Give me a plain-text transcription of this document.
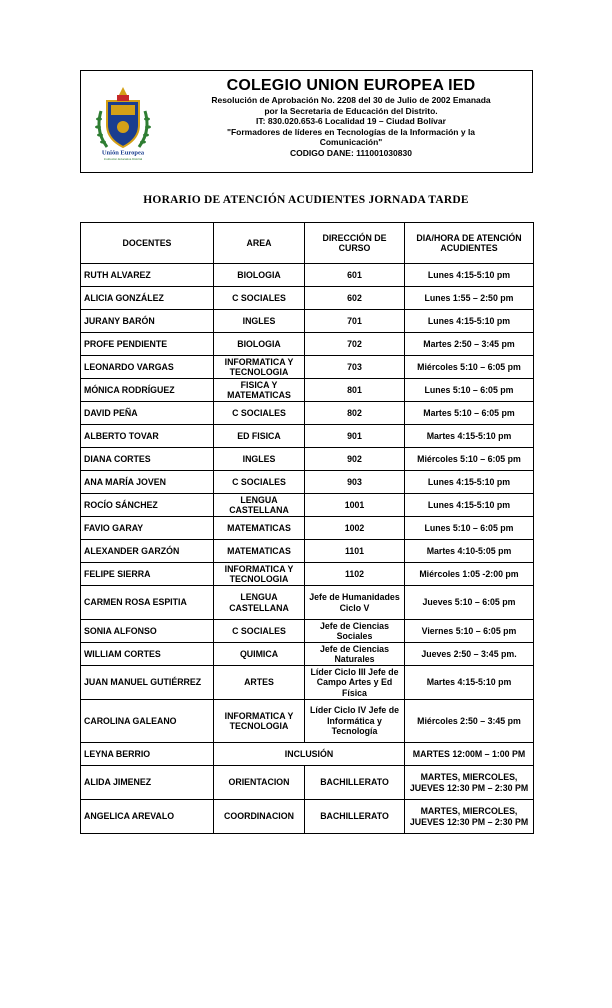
Unión Europea
Institución Educativa Distrital
COLEGIO UNION EUROPEA IED
Resolución de Aprobación No. 2208 del 30 de Julio de 2002 Emanada
por la Secretaria de Educación del Distrito.
IT: 830.020.653-6 Localidad 19 – Ciudad Bolívar
"Formadores de líderes en Tecnologías de la Información y la
Comunicación"
CODIGO DANE: 111001030830
HORARIO DE ATENCIÓN ACUDIENTES JORNADA TARDE
DOCENTES	AREA	DIRECCIÓN DE CURSO	DIA/HORA DE ATENCIÓN ACUDIENTES
RUTH ALVAREZ	BIOLOGIA	601	Lunes 4:15-5:10 pm
ALICIA GONZÁLEZ	C SOCIALES	602	Lunes 1:55 – 2:50 pm
JURANY BARÓN	INGLES	701	Lunes 4:15-5:10 pm
PROFE PENDIENTE	BIOLOGIA	702	Martes 2:50 – 3:45 pm
LEONARDO VARGAS	INFORMATICA Y TECNOLOGIA	703	Miércoles 5:10 – 6:05 pm
MÓNICA RODRÍGUEZ	FISICA Y MATEMATICAS	801	Lunes 5:10 – 6:05 pm
DAVID PEÑA	C SOCIALES	802	Martes 5:10 – 6:05 pm
ALBERTO TOVAR	ED FISICA	901	Martes 4:15-5:10 pm
DIANA CORTES	INGLES	902	Miércoles 5:10 – 6:05 pm
ANA MARÍA JOVEN	C SOCIALES	903	Lunes 4:15-5:10 pm
ROCÍO SÁNCHEZ	LENGUA CASTELLANA	1001	Lunes 4:15-5:10 pm
FAVIO GARAY	MATEMATICAS	1002	Lunes 5:10 – 6:05 pm
ALEXANDER GARZÓN	MATEMATICAS	1101	Martes 4:10-5:05 pm
FELIPE SIERRA	INFORMATICA Y TECNOLOGIA	1102	Miércoles 1:05 -2:00 pm
CARMEN ROSA ESPITIA	LENGUA CASTELLANA	Jefe de Humanidades Ciclo V	Jueves 5:10 – 6:05 pm
SONIA ALFONSO	C SOCIALES	Jefe de Ciencias Sociales	Viernes 5:10 – 6:05 pm
WILLIAM CORTES	QUIMICA	Jefe de Ciencias Naturales	Jueves 2:50 – 3:45 pm.
JUAN MANUEL GUTIÉRREZ	ARTES	Líder Ciclo III Jefe de Campo Artes y Ed Física	Martes 4:15-5:10 pm
CAROLINA GALEANO	INFORMATICA Y TECNOLOGIA	Líder Ciclo IV Jefe de Informática y Tecnología	Miércoles 2:50 – 3:45 pm
LEYNA BERRIO	INCLUSIÓN		MARTES 12:00M – 1:00 PM
ALIDA JIMENEZ	ORIENTACION	BACHILLERATO	MARTES, MIERCOLES, JUEVES 12:30 PM – 2:30 PM
ANGELICA AREVALO	COORDINACION	BACHILLERATO	MARTES, MIERCOLES, JUEVES 12:30 PM – 2:30 PM
